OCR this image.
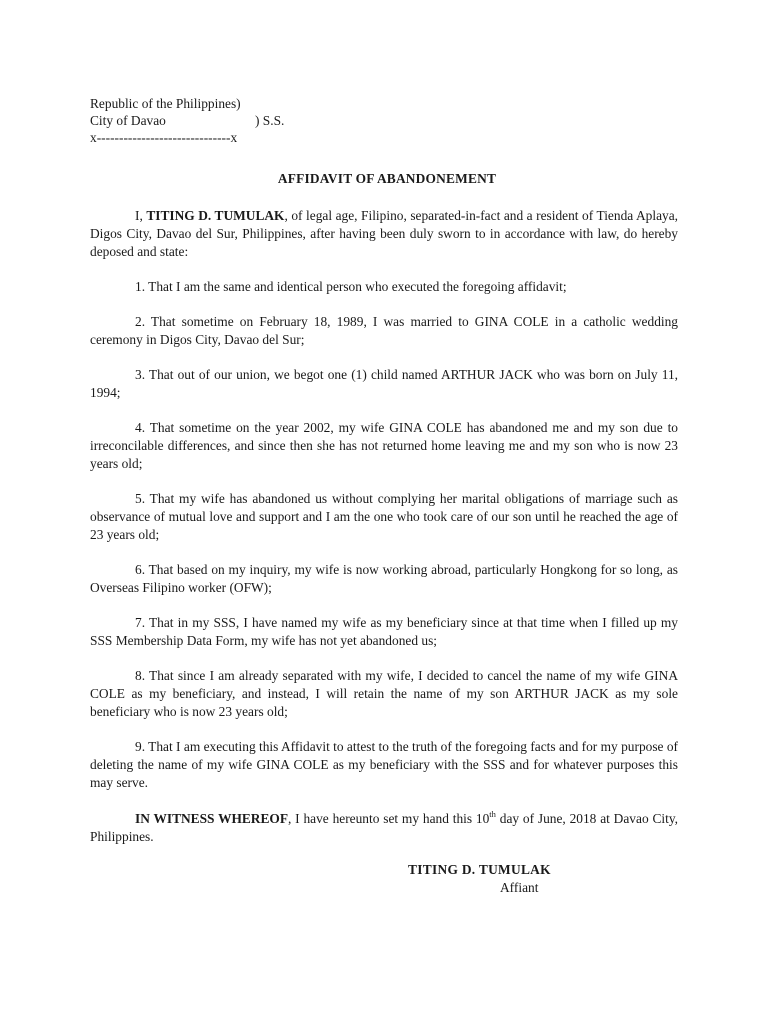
Republic of the Philippines)
City of Davao	) S.S.
x------------------------------x
AFFIDAVIT OF ABANDONEMENT

I, TITING D. TUMULAK, of legal age, Filipino, separated-in-fact and a resident of Tienda Aplaya, Digos City, Davao del Sur, Philippines, after having been duly sworn to in accordance with law, do hereby deposed and state:

1. That I am the same and identical person who executed the foregoing affidavit;

2. That sometime on February 18, 1989, I was married to GINA COLE in a catholic wedding ceremony in Digos City, Davao del Sur;

3. That out of our union, we begot one (1) child named ARTHUR JACK who was born on July 11, 1994;

4. That sometime on the year 2002, my wife GINA COLE has abandoned me and my son due to irreconcilable differences, and since then she has not returned home leaving me and my son who is now 23 years old;

5. That my wife has abandoned us without complying her marital obligations of marriage such as observance of mutual love and support and I am the one who took care of our son until he reached the age of 23 years old;

6. That based on my inquiry, my wife is now working abroad, particularly Hongkong for so long, as Overseas Filipino worker (OFW);

7. That in my SSS, I have named my wife as my beneficiary since at that time when I filled up my SSS Membership Data Form, my wife has not yet abandoned us;

8. That since I am already separated with my wife, I decided to cancel the name of my wife GINA COLE as my beneficiary, and instead, I will retain the name of my son ARTHUR JACK as my sole beneficiary who is now 23 years old;

9. That I am executing this Affidavit to attest to the truth of the foregoing facts and for my purpose of deleting the name of my wife GINA COLE as my beneficiary with the SSS and for whatever purposes this may serve.

IN WITNESS WHEREOF, I have hereunto set my hand this 10th day of June, 2018 at Davao City, Philippines.

TITING D. TUMULAK
Affiant
